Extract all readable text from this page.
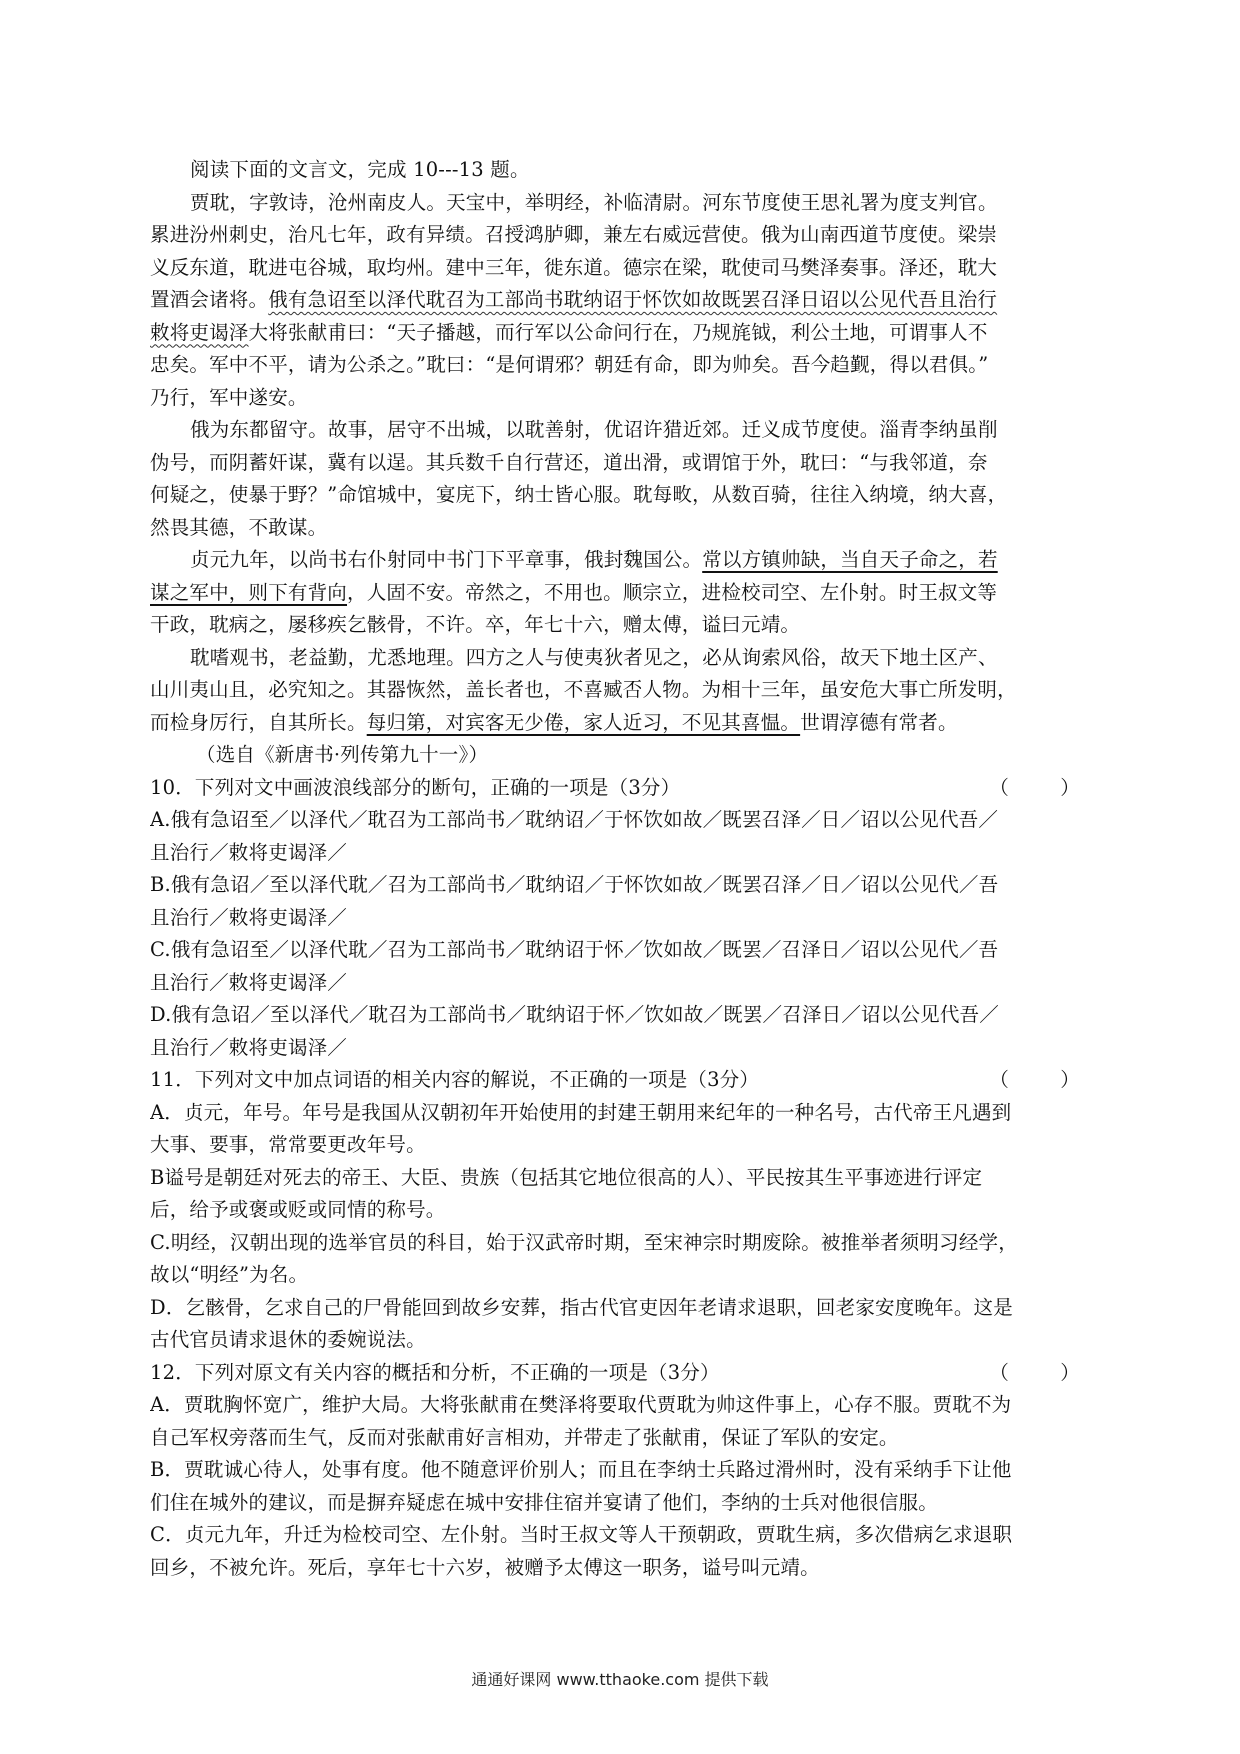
阅读下面的文言文，完成 10---13 题。
贾耽，字敦诗，沧州南皮人。天宝中，举明经，补临清尉。河东节度使王思礼署为度支判官。
累进汾州刺史，治凡七年，政有异绩。召授鸿胪卿，兼左右威远营使。俄为山南西道节度使。梁崇
义反东道，耽进屯谷城，取均州。建中三年，徙东道。德宗在梁，耽使司马樊泽奏事。泽还，耽大
置酒会诸将。俄有急诏至以泽代耽召为工部尚书耽纳诏于怀饮如故既罢召泽日诏以公见代吾且治行
敕将吏谒泽大将张献甫曰：“天子播越，而行军以公命问行在，乃规旄钺，利公土地，可谓事人不
忠矣。军中不平，请为公杀之。”耽曰：“是何谓邪？朝廷有命，即为帅矣。吾今趋觐，得以君俱。”
乃行，军中遂安。
俄为东都留守。故事，居守不出城，以耽善射，优诏许猎近郊。迁义成节度使。淄青李纳虽削
伪号，而阴蓄奸谋，冀有以逞。其兵数千自行营还，道出滑，或谓馆于外，耽曰：“与我邻道，奈
何疑之，使暴于野？”命馆城中，宴庑下，纳士皆心服。耽每畋，从数百骑，往往入纳境，纳大喜，
然畏其德，不敢谋。
贞元九年，以尚书右仆射同中书门下平章事，俄封魏国公。常以方镇帅缺，当自天子命之，若
谋之军中，则下有背向，人固不安。帝然之，不用也。顺宗立，进检校司空、左仆射。时王叔文等
干政，耽病之，屡移疾乞骸骨，不许。卒，年七十六，赠太傅，谥曰元靖。
耽嗜观书，老益勤，尤悉地理。四方之人与使夷狄者见之，必从询索风俗，故天下地土区产、
山川夷山且，必究知之。其器恢然，盖长者也，不喜臧否人物。为相十三年，虽安危大事亡所发明，
而检身厉行，自其所长。每归第，对宾客无少倦，家人近习，不见其喜愠。世谓淳德有常者。
（选自《新唐书·列传第九十一》）
10．下列对文中画波浪线部分的断句，正确的一项是（3分）	（        ）
A.俄有急诏至／以泽代／耽召为工部尚书／耽纳诏／于怀饮如故／既罢召泽／日／诏以公见代吾／
且治行／敕将吏谒泽／
B.俄有急诏／至以泽代耽／召为工部尚书／耽纳诏／于怀饮如故／既罢召泽／日／诏以公见代／吾
且治行／敕将吏谒泽／
C.俄有急诏至／以泽代耽／召为工部尚书／耽纳诏于怀／饮如故／既罢／召泽日／诏以公见代／吾
且治行／敕将吏谒泽／
D.俄有急诏／至以泽代／耽召为工部尚书／耽纳诏于怀／饮如故／既罢／召泽日／诏以公见代吾／
且治行／敕将吏谒泽／
11．下列对文中加点词语的相关内容的解说，不正确的一项是（3分）	（        ）
A．贞元，年号。年号是我国从汉朝初年开始使用的封建王朝用来纪年的一种名号，古代帝王凡遇到
大事、要事，常常要更改年号。
B谥号是朝廷对死去的帝王、大臣、贵族（包括其它地位很高的人）、平民按其生平事迹进行评定
后，给予或褒或贬或同情的称号。
C.明经，汉朝出现的选举官员的科目，始于汉武帝时期，至宋神宗时期废除。被推举者须明习经学，
故以“明经”为名。
D．乞骸骨，乞求自己的尸骨能回到故乡安葬，指古代官吏因年老请求退职，回老家安度晚年。这是
古代官员请求退休的委婉说法。
12．下列对原文有关内容的概括和分析，不正确的一项是（3分）	（        ）
A．贾耽胸怀宽广，维护大局。大将张献甫在樊泽将要取代贾耽为帅这件事上，心存不服。贾耽不为
自己军权旁落而生气，反而对张献甫好言相劝，并带走了张献甫，保证了军队的安定。
B．贾耽诚心待人，处事有度。他不随意评价别人；而且在李纳士兵路过滑州时，没有采纳手下让他
们住在城外的建议，而是摒弃疑虑在城中安排住宿并宴请了他们，李纳的士兵对他很信服。
C．贞元九年，升迁为检校司空、左仆射。当时王叔文等人干预朝政，贾耽生病，多次借病乞求退职
回乡，不被允许。死后，享年七十六岁，被赠予太傅这一职务，谥号叫元靖。
通通好课网 www.tthaoke.com 提供下载
